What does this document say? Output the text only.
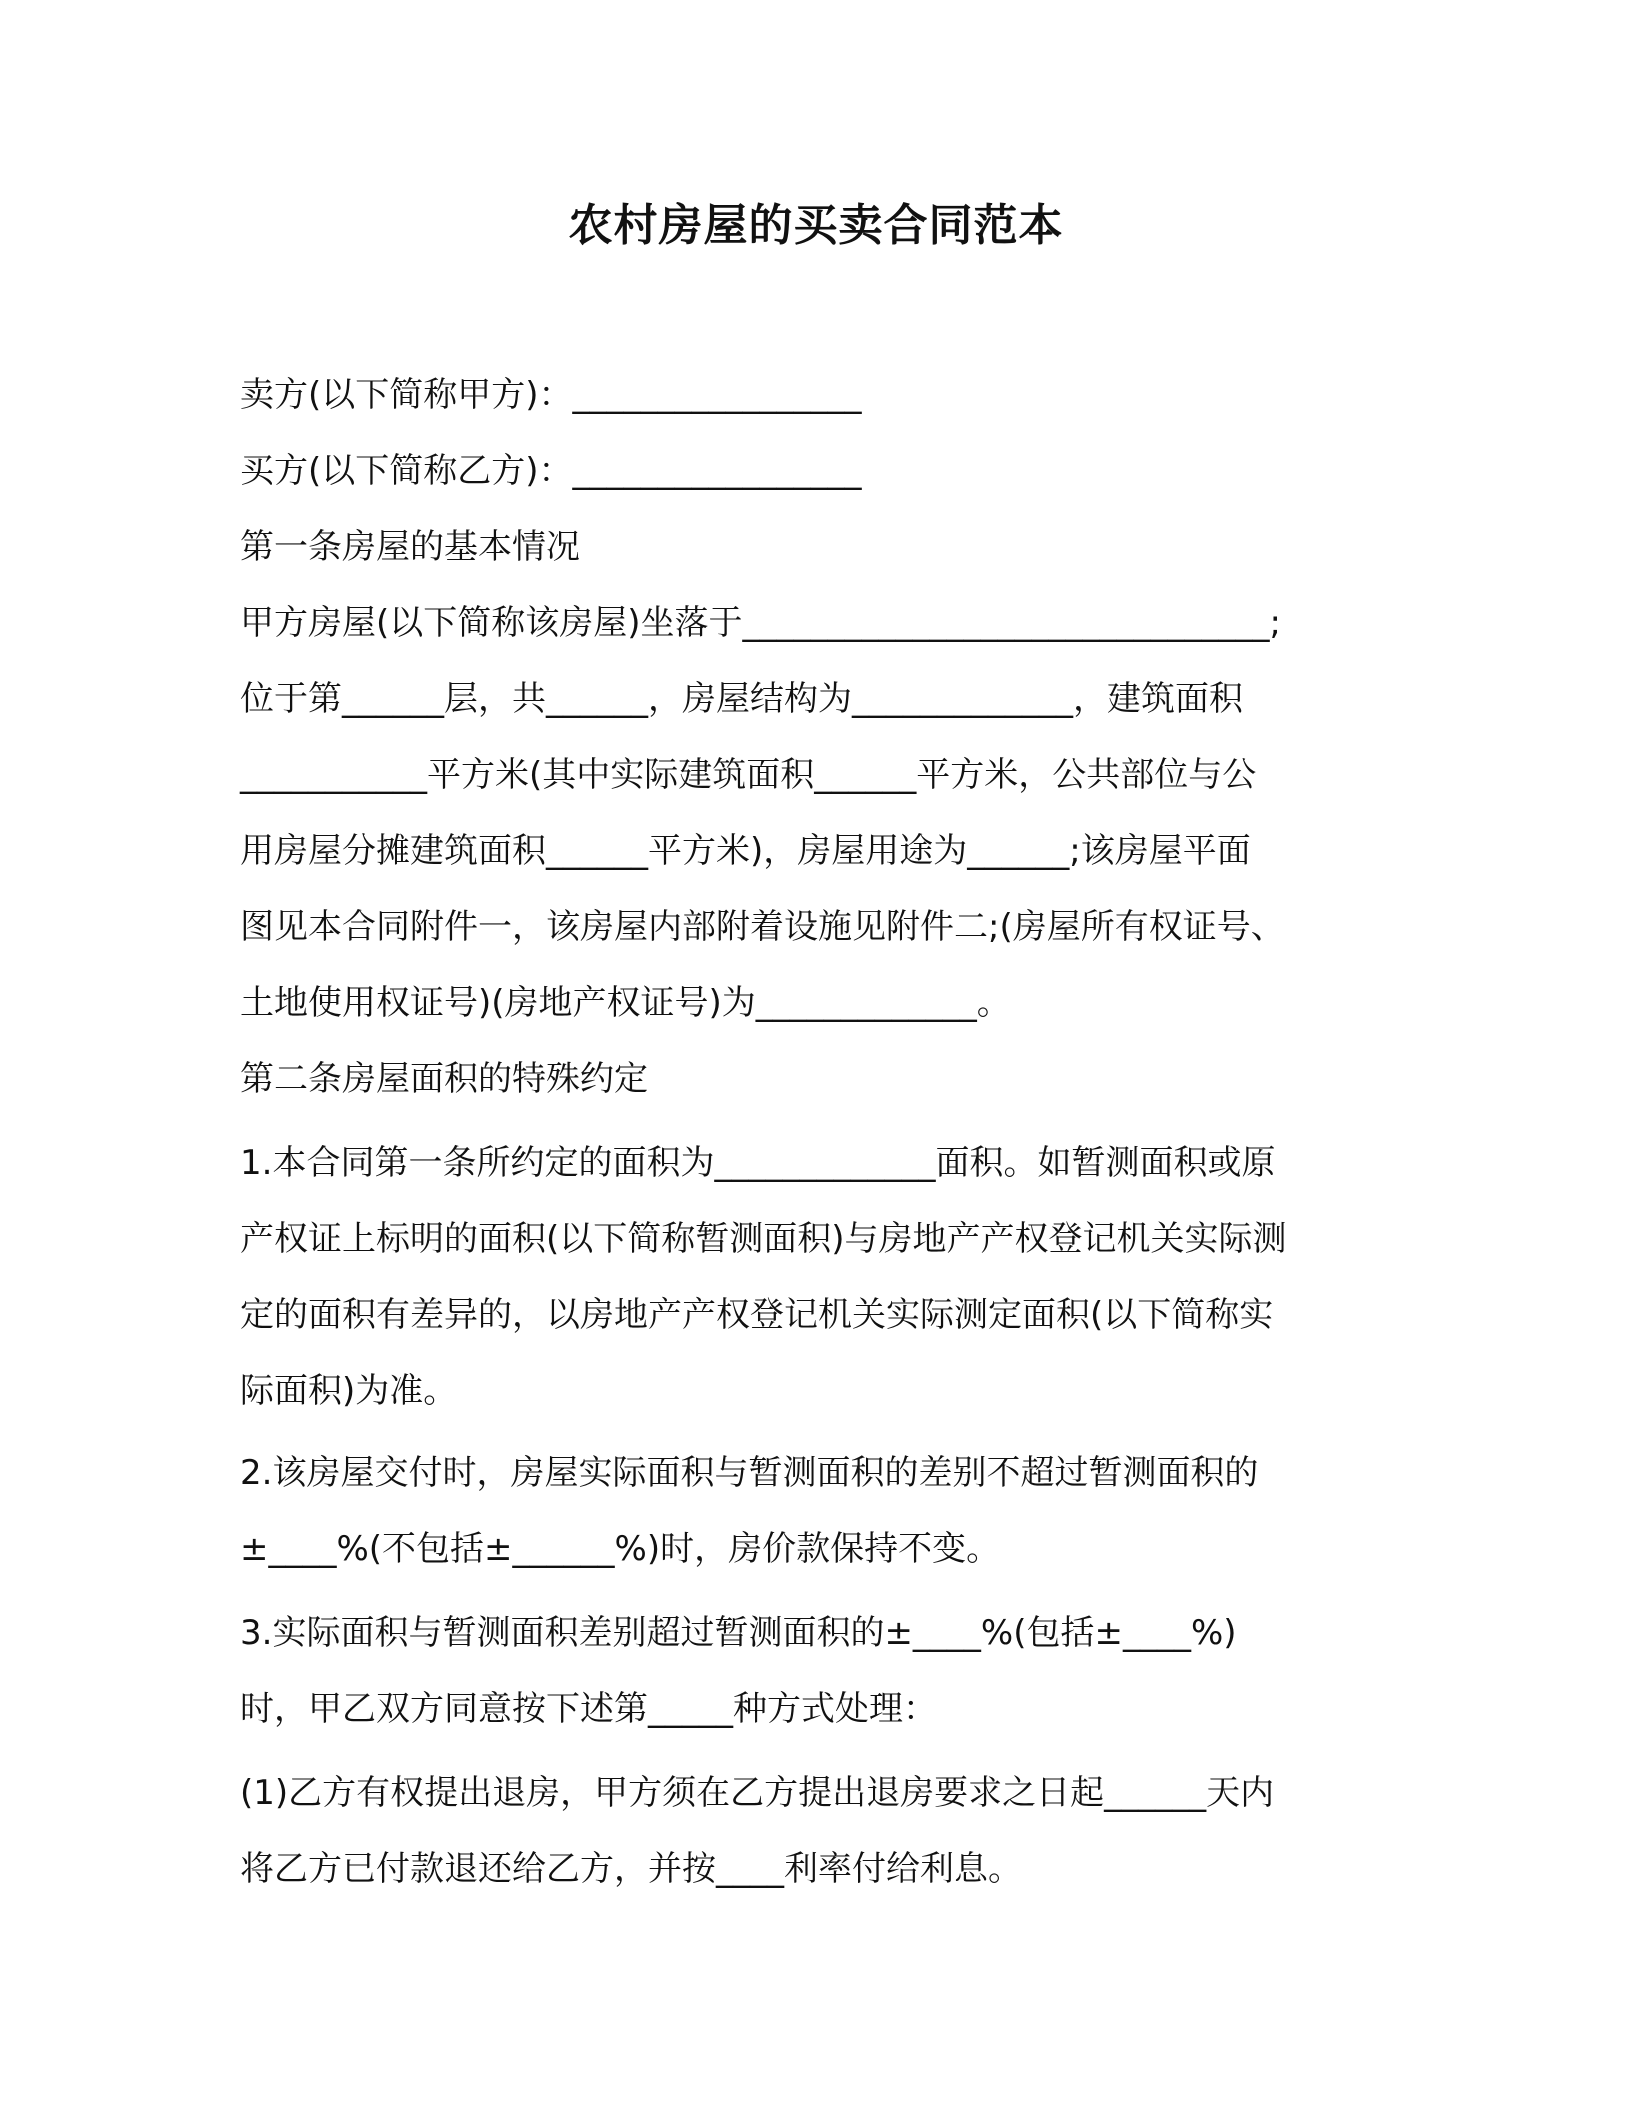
农村房屋的买卖合同范本
卖方(以下简称甲方)：_________________
买方(以下简称乙方)：_________________
第一条房屋的基本情况
甲方房屋(以下简称该房屋)坐落于_______________________________;
位于第______层，共______，房屋结构为_____________，建筑面积
___________平方米(其中实际建筑面积______平方米，公共部位与公
用房屋分摊建筑面积______平方米)，房屋用途为______;该房屋平面
图见本合同附件一，该房屋内部附着设施见附件二;(房屋所有权证号、
土地使用权证号)(房地产权证号)为_____________。
第二条房屋面积的特殊约定
1.本合同第一条所约定的面积为_____________面积。如暂测面积或原
产权证上标明的面积(以下简称暂测面积)与房地产产权登记机关实际测
定的面积有差异的，以房地产产权登记机关实际测定面积(以下简称实
际面积)为准。
2.该房屋交付时，房屋实际面积与暂测面积的差别不超过暂测面积的
±____%(不包括±______%)时，房价款保持不变。
3.实际面积与暂测面积差别超过暂测面积的±____%(包括±____%)
时，甲乙双方同意按下述第_____种方式处理：
(1)乙方有权提出退房，甲方须在乙方提出退房要求之日起______天内
将乙方已付款退还给乙方，并按____利率付给利息。
